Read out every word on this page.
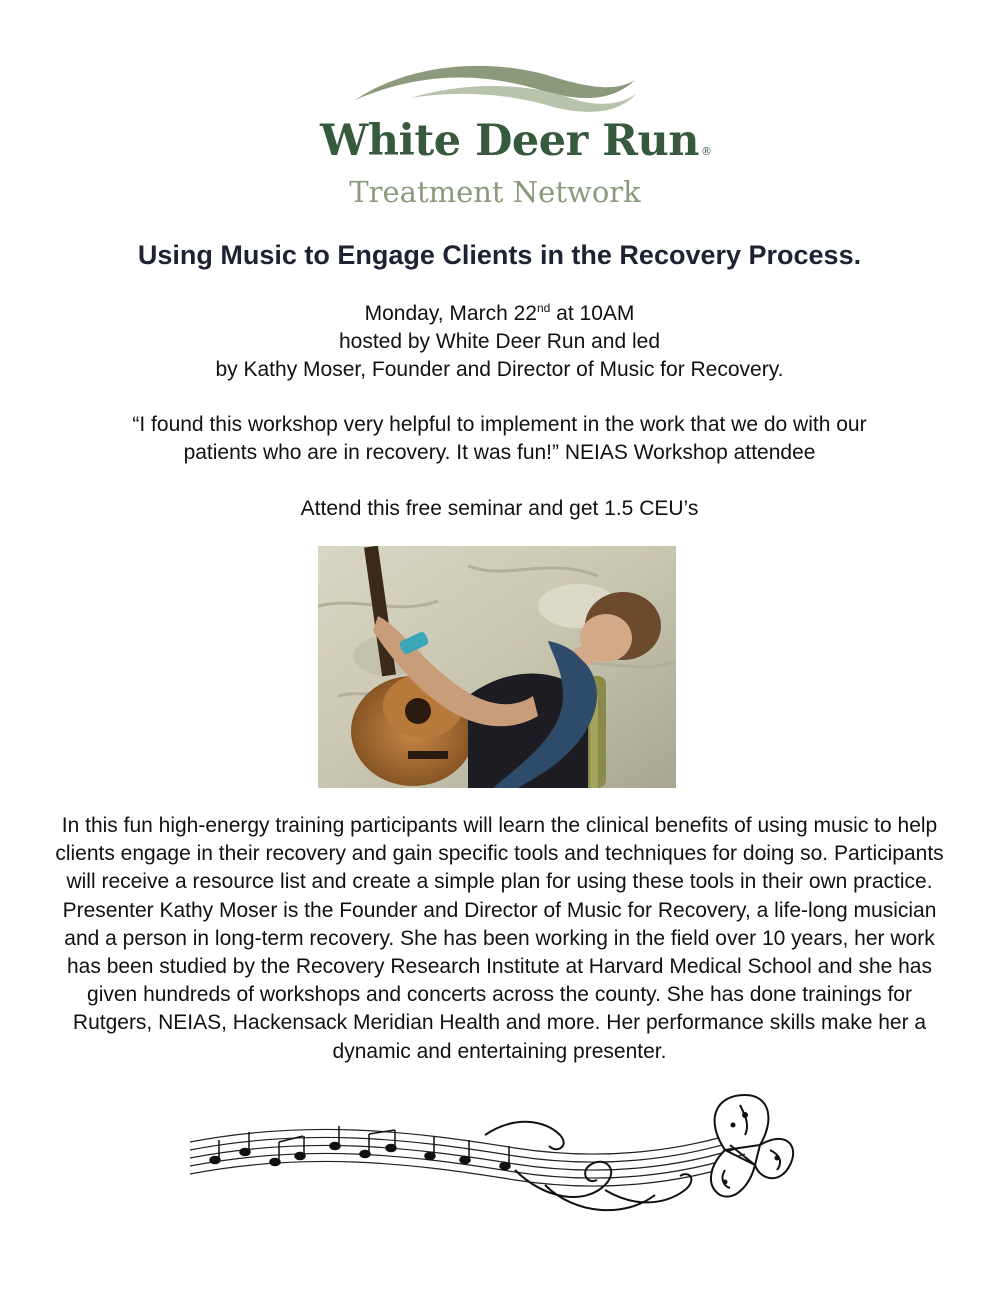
White Deer Run ®
Treatment Network
Using Music to Engage Clients in the Recovery Process.
Monday, March 22nd at 10AM
hosted by White Deer Run and led
by Kathy Moser, Founder and Director of Music for Recovery.
“I found this workshop very helpful to implement in the work that we do with our
patients who are in recovery. It was fun!” NEIAS Workshop attendee
Attend this free seminar and get 1.5 CEU’s
In this fun high-energy training participants will learn the clinical benefits of using music to help clients engage in their recovery and gain specific tools and techniques for doing so. Participants will receive a resource list and create a simple plan for using these tools in their own practice. Presenter Kathy Moser is the Founder and Director of Music for Recovery, a life-long musician and a person in long-term recovery. She has been working in the field over 10 years, her work has been studied by the Recovery Research Institute at Harvard Medical School and she has given hundreds of workshops and concerts across the county. She has done trainings for Rutgers, NEIAS, Hackensack Meridian Health and more. Her performance skills make her a dynamic and entertaining presenter.
